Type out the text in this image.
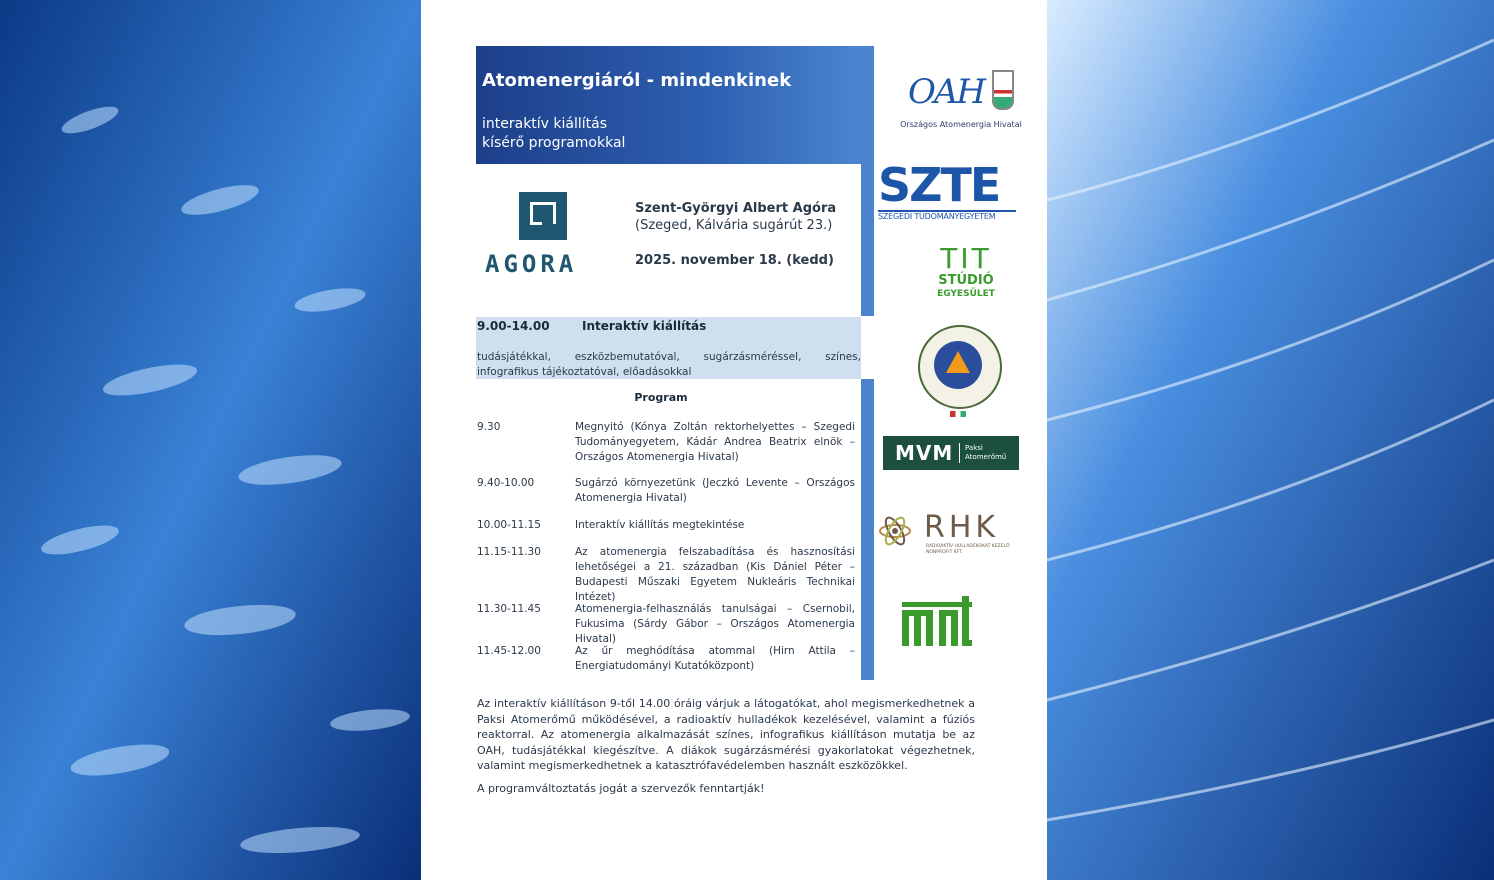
Atomenergiáról - mindenkinek
interaktív kiállítás
kísérő programokkal
AGORA
Szent-Györgyi Albert Agóra
(Szeged, Kálvária sugárút 23.)
2025. november 18. (kedd)
9.00-14.00	Interaktív kiállítás
tudásjátékkal, eszközbemutatóval, sugárzásméréssel, színes, infografikus tájékoztatóval, előadásokkal
Program
9.30	Megnyitó (Kónya Zoltán rektorhelyettes – Szegedi Tudományegyetem, Kádár Andrea Beatrix elnök – Országos Atomenergia Hivatal)
9.40-10.00	Sugárzó környezetünk (Jeczkó Levente – Országos Atomenergia Hivatal)
10.00-11.15	Interaktív kiállítás megtekintése
11.15-11.30	Az atomenergia felszabadítása és hasznosítási lehetőségei a 21. században (Kis Dániel Péter – Budapesti Műszaki Egyetem Nukleáris Technikai Intézet)
11.30-11.45	Atomenergia-felhasználás tanulságai – Csernobil, Fukusima (Sárdy Gábor – Országos Atomenergia Hivatal)
11.45-12.00	Az űr meghódítása atommal (Hirn Attila – Energiatudományi Kutatóközpont)
Az interaktív kiállításon 9-től 14.00 óráig várjuk a látogatókat, ahol megismerkedhetnek a Paksi Atomerőmű működésével, a radioaktív hulladékok kezelésével, valamint a fúziós reaktorral. Az atomenergia alkalmazását színes, infografikus kiállításon mutatja be az OAH, tudásjátékkal kiegészítve. A diákok sugárzásmérési gyakorlatokat végezhetnek, valamint megismerkedhetnek a katasztrófavédelemben használt eszközökkel.
A programváltoztatás jogát a szervezők fenntartják!
OAH
Országos Atomenergia Hivatal
SZTE
SZEGEDI TUDOMÁNYEGYETEM
TIT
STÚDIÓ
EGYESÜLET
MVM Paksi
Atomerőmű
RHK
RADIOAKTÍV HULLADÉKOKAT KEZELŐ NONPROFIT KFT.
